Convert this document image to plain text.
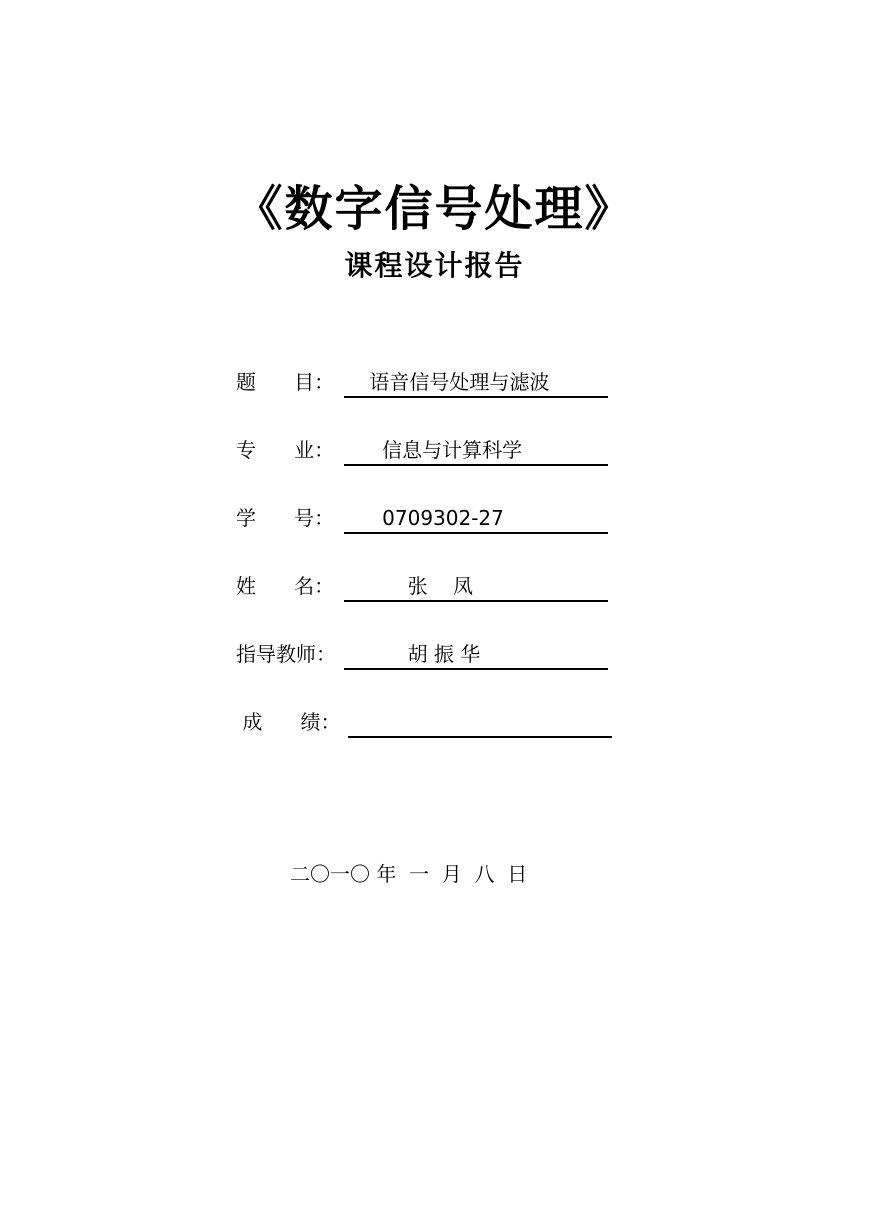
《数字信号处理》
课程设计报告
题      目： 语音信号处理与滤波
专      业： 信息与计算科学
学      号： 0709302-27
姓      名： 张    凤
指导教师： 胡 振 华
成      绩：
二〇一〇 年  一  月  八  日
